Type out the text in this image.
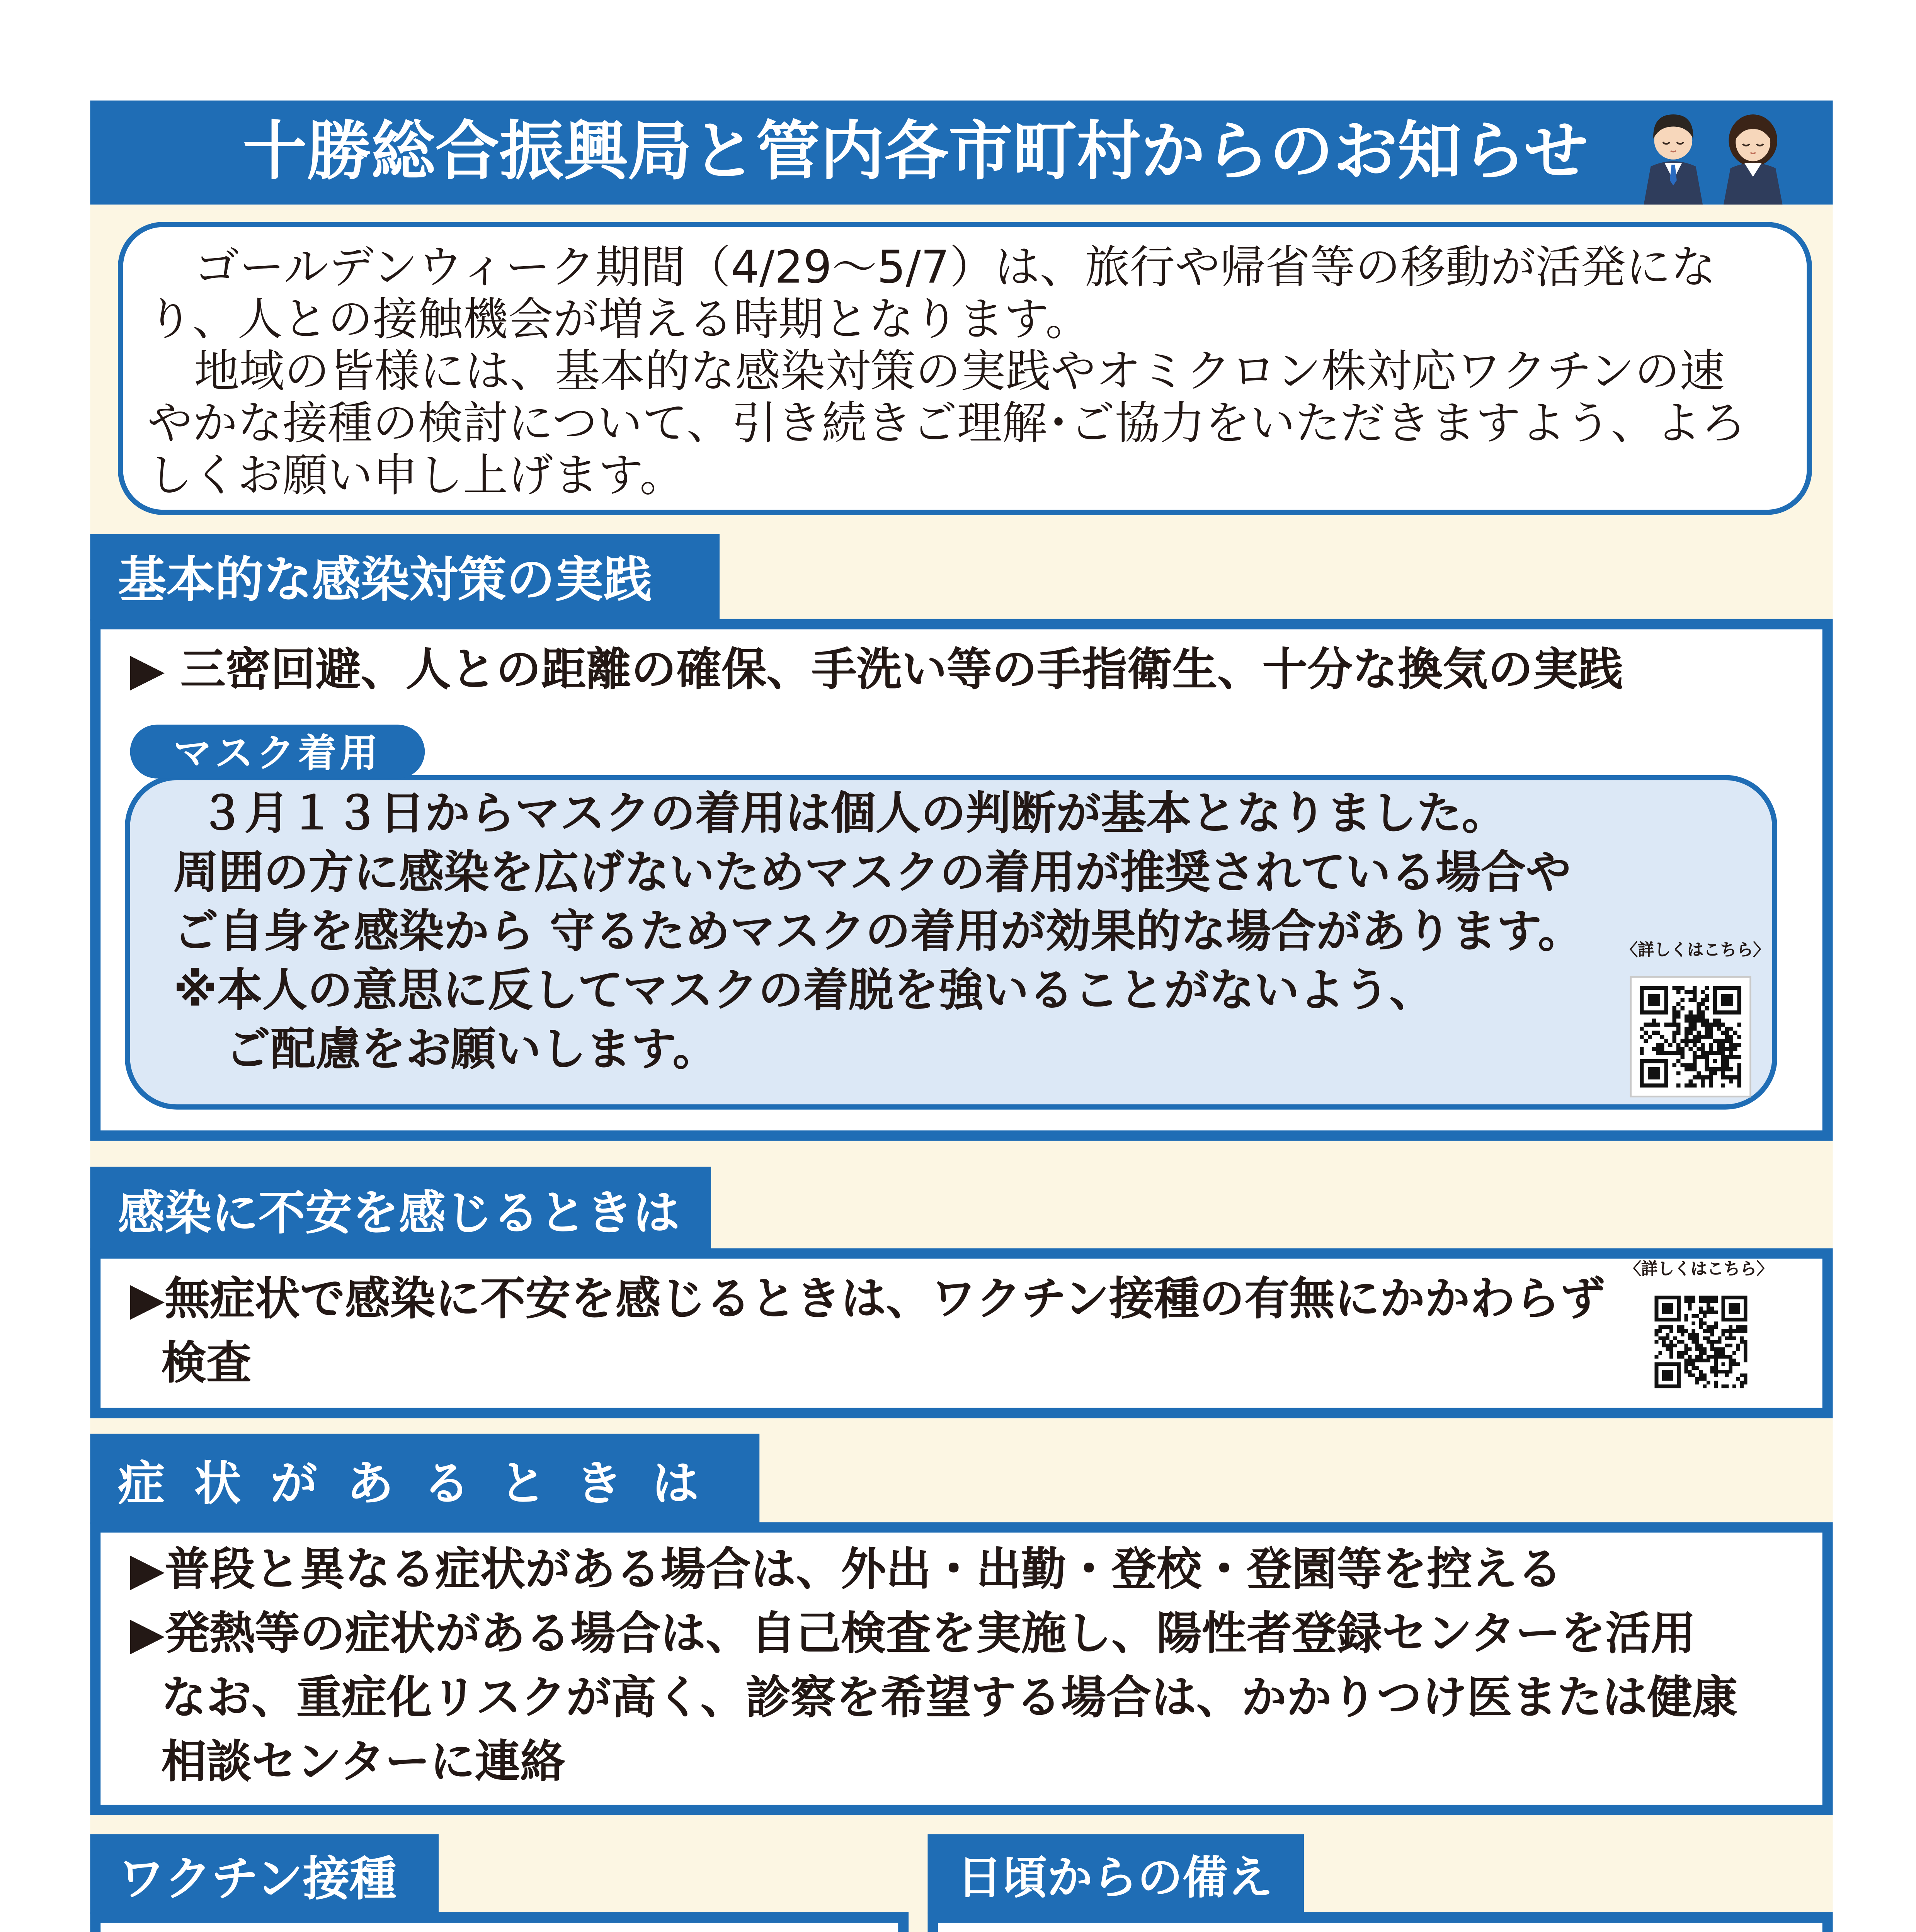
十勝総合振興局と管内各市町村からのお知らせ
ゴールデンウィーク期間（4/29～5/7）は、旅行や帰省等の移動が活発にな
り、人との接触機会が増える時期となります。
地域の皆様には、基本的な感染対策の実践やオミクロン株対応ワクチンの速
やかな接種の検討について、引き続きご理解･ご協力をいただきますよう、よろ
しくお願い申し上げます。
基本的な感染対策の実践
▶ 三密回避、人との距離の確保、手洗い等の手指衛生、十分な換気の実践
マスク着用
３月１３日からマスクの着用は個人の判断が基本となりました。
周囲の方に感染を広げないためマスクの着用が推奨されている場合や
ご自身を感染から 守るためマスクの着用が効果的な場合があります。
※本人の意思に反してマスクの着脱を強いることがないよう、
ご配慮をお願いします。
〈詳しくはこちら〉
感染に不安を感じるときは
▶無症状で感染に不安を感じるときは、ワクチン接種の有無にかかわらず
検査
〈詳しくはこちら〉
症状があるときは
▶普段と異なる症状がある場合は、外出・出勤・登校・登園等を控える
▶発熱等の症状がある場合は、自己検査を実施し、陽性者登録センターを活用
なお、重症化リスクが高く、診察を希望する場合は、かかりつけ医または健康
相談センターに連絡
ワクチン接種	日頃からの備え
